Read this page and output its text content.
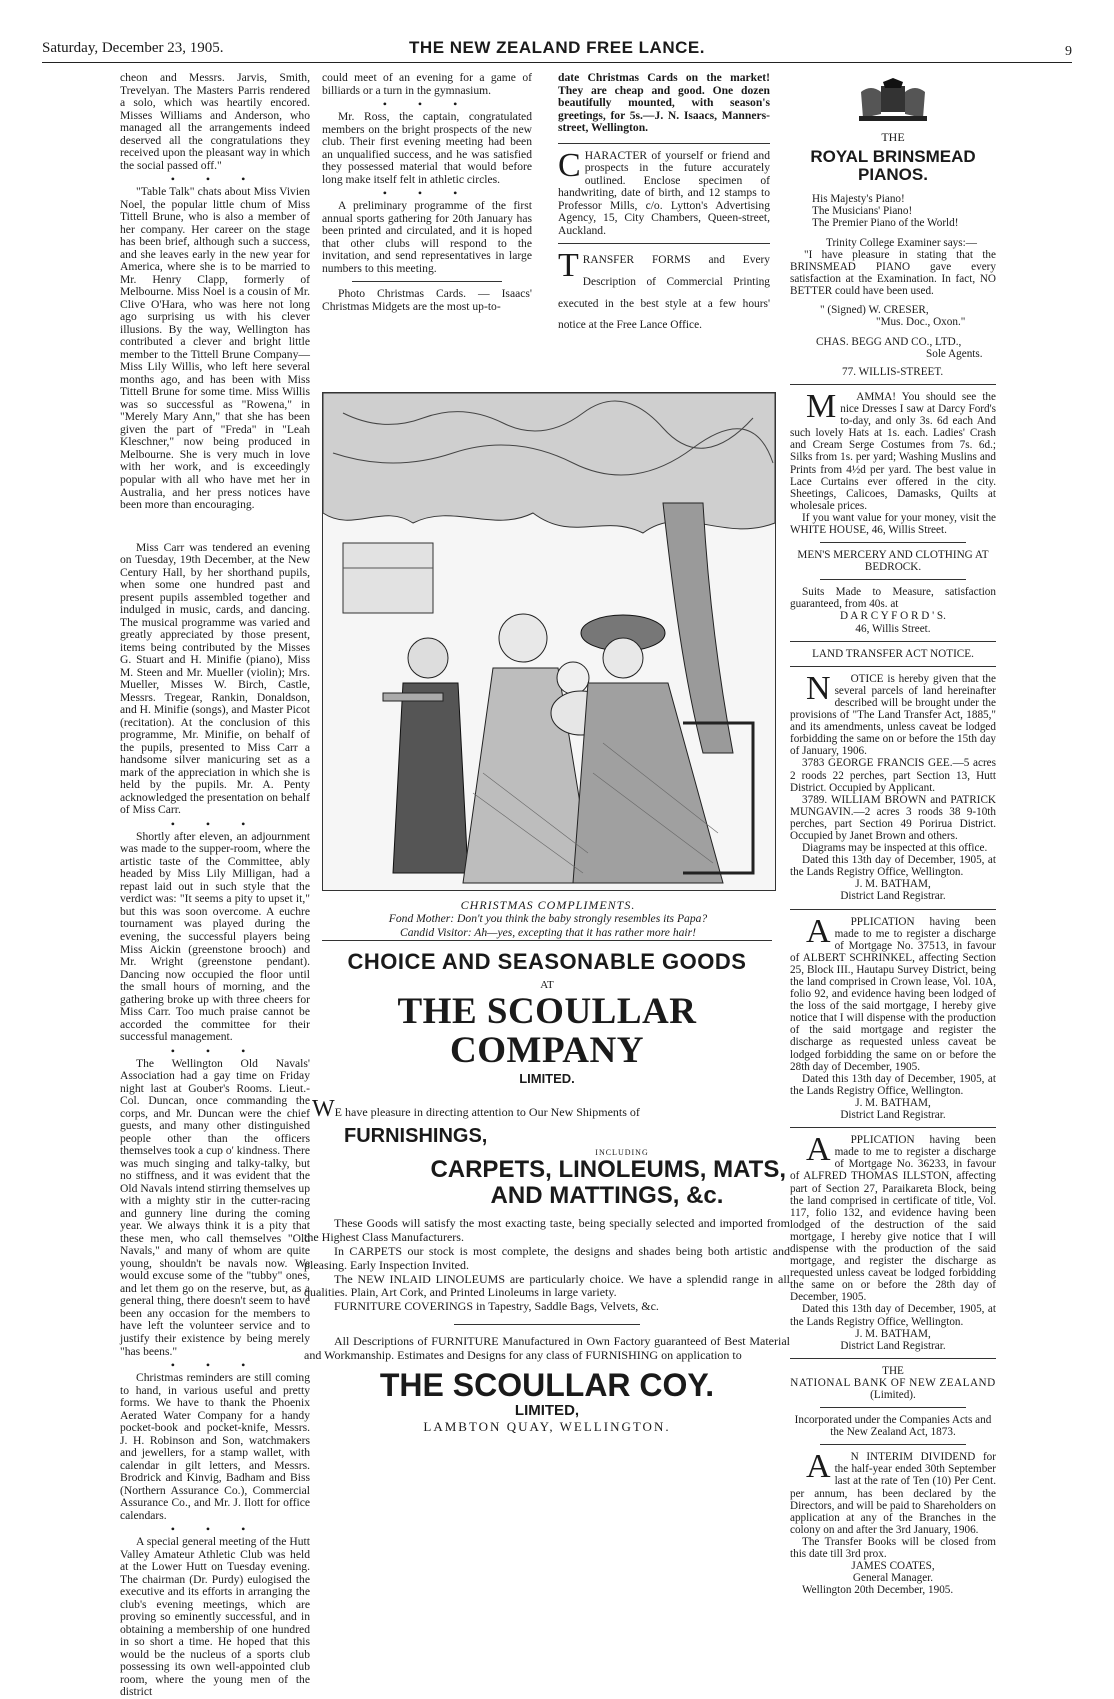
Saturday, December 23, 1905.	THE NEW ZEALAND FREE LANCE.	9

cheon and Messrs. Jarvis, Smith, Trevelyan. The Masters Parris rendered a solo, which was heartily encored. Misses Williams and Anderson, who managed all the arrangements indeed deserved all the congratulations they received upon the pleasant way in which the social passed off."

• • •

"Table Talk" chats about Miss Vivien Noel, the popular little chum of Miss Tittell Brune, who is also a member of her company. Her career on the stage has been brief, although such a success, and she leaves early in the new year for America, where she is to be married to Mr. Henry Clapp, formerly of Melbourne. Miss Noel is a cousin of Mr. Clive O'Hara, who was here not long ago surprising us with his clever illusions. By the way, Wellington has contributed a clever and bright little member to the Tittell Brune Company—Miss Lily Willis, who left here several months ago, and has been with Miss Tittell Brune for some time. Miss Willis was so successful as "Rowena," in "Merely Mary Ann," that she has been given the part of "Freda" in "Leah Kleschner," now being produced in Melbourne. She is very much in love with her work, and is exceedingly popular with all who have met her in Australia, and her press notices have been more than encouraging.

Miss Carr was tendered an evening on Tuesday, 19th December, at the New Century Hall, by her shorthand pupils, when some one hundred past and present pupils assembled together and indulged in music, cards, and dancing. The musical programme was varied and greatly appreciated by those present, items being contributed by the Misses G. Stuart and H. Minifie (piano), Miss M. Steen and Mr. Mueller (violin); Mrs. Mueller, Misses W. Birch, Castle, Messrs. Tregear, Rankin, Donaldson, and H. Minifie (songs), and Master Picot (recitation). At the conclusion of this programme, Mr. Minifie, on behalf of the pupils, presented to Miss Carr a handsome silver manicuring set as a mark of the appreciation in which she is held by the pupils. Mr. A. Penty acknowledged the presentation on behalf of Miss Carr.

• • •

Shortly after eleven, an adjournment was made to the supper-room, where the artistic taste of the Committee, ably headed by Miss Lily Milligan, had a repast laid out in such style that the verdict was: "It seems a pity to upset it," but this was soon overcome. A euchre tournament was played during the evening, the successful players being Miss Aickin (greenstone brooch) and Mr. Wright (greenstone pendant). Dancing now occupied the floor until the small hours of morning, and the gathering broke up with three cheers for Miss Carr. Too much praise cannot be accorded the committee for their successful management.

• • •

The Wellington Old Navals' Association had a gay time on Friday night last at Gouber's Rooms. Lieut.-Col. Duncan, once commanding the corps, and Mr. Duncan were the chief guests, and many other distinguished people other than the officers themselves took a cup o' kindness. There was much singing and talky-talky, but no stiffness, and it was evident that the Old Navals intend stirring themselves up with a mighty stir in the cutter-racing and gunnery line during the coming year. We always think it is a pity that these men, who call themselves "Old Navals," and many of whom are quite young, shouldn't be navals now. We would excuse some of the "tubby" ones, and let them go on the reserve, but, as a general thing, there doesn't seem to have been any occasion for the members to have left the volunteer service and to justify their existence by being merely "has beens."

• • •

Christmas reminders are still coming to hand, in various useful and pretty forms. We have to thank the Phoenix Aerated Water Company for a handy pocket-book and pocket-knife, Messrs. J. H. Robinson and Son, watchmakers and jewellers, for a stamp wallet, with calendar in gilt letters, and Messrs. Brodrick and Kinvig, Badham and Biss (Northern Assurance Co.), Commercial Assurance Co., and Mr. J. Ilott for office calendars.

• • •

A special general meeting of the Hutt Valley Amateur Athletic Club was held at the Lower Hutt on Tuesday evening. The chairman (Dr. Purdy) eulogised the executive and its efforts in arranging the club's evening meetings, which are proving so eminently successful, and in obtaining a membership of one hundred in so short a time. He hoped that this would be the nucleus of a sports club possessing its own well-appointed club room, where the young men of the district

could meet of an evening for a game of billiards or a turn in the gymnasium.

• • •

Mr. Ross, the captain, congratulated members on the bright prospects of the new club. Their first evening meeting had been an unqualified success, and he was satisfied they possessed material that would before long make itself felt in athletic circles.

• • •

A preliminary programme of the first annual sports gathering for 20th January has been printed and circulated, and it is hoped that other clubs will respond to the invitation, and send representatives in large numbers to this meeting.

Photo Christmas Cards. — Isaacs' Christmas Midgets are the most up-to-

date Christmas Cards on the market! They are cheap and good. One dozen beautifully mounted, with season's greetings, for 5s.—J. N. Isaacs, Manners-street, Wellington.

CHARACTER of yourself or friend and prospects in the future accurately outlined. Enclose specimen of handwriting, date of birth, and 12 stamps to Professor Mills, c/o. Lytton's Advertising Agency, 15, City Chambers, Queen-street, Auckland.

TRANSFER FORMS and Every Description of Commercial Printing executed in the best style at a few hours' notice at the Free Lance Office.

CHRISTMAS COMPLIMENTS.
Fond Mother: Don't you think the baby strongly resembles its Papa?
Candid Visitor: Ah—yes, excepting that it has rather more hair!
CHOICE AND SEASONABLE GOODS
AT
THE SCOULLAR COMPANY
LIMITED.
WE have pleasure in directing attention to Our New Shipments of
FURNISHINGS,
INCLUDING
CARPETS, LINOLEUMS, MATS,
AND MATTINGS, &c.

These Goods will satisfy the most exacting taste, being specially selected and imported from the Highest Class Manufacturers.

In CARPETS our stock is most complete, the designs and shades being both artistic and pleasing. Early Inspection Invited.

The NEW INLAID LINOLEUMS are particularly choice. We have a splendid range in all qualities. Plain, Art Cork, and Printed Linoleums in large variety.

FURNITURE COVERINGS in Tapestry, Saddle Bags, Velvets, &c.

All Descriptions of FURNITURE Manufactured in Own Factory guaranteed of Best Material and Workmanship. Estimates and Designs for any class of FURNISHING on application to

THE SCOULLAR COY.
LIMITED,
LAMBTON QUAY, WELLINGTON.
THE
ROYAL BRINSMEAD
PIANOS.

His Majesty's Piano!

The Musicians' Piano!

The Premier Piano of the World!

Trinity College Examiner says:—

"I have pleasure in stating that the BRINSMEAD PIANO gave every satisfaction at the Examination. In fact, NO BETTER could have been used.

" (Signed) W. CRESER,

"Mus. Doc., Oxon."

CHAS. BEGG AND CO., LTD.,

Sole Agents.

77. WILLIS-STREET.

M AMMA! You should see the nice Dresses I saw at Darcy Ford's to-day, and only 3s. 6d each And such lovely Hats at 1s. each. Ladies' Crash and Cream Serge Costumes from 7s. 6d.; Silks from 1s. per yard; Washing Muslins and Prints from 4½d per yard. The best value in Lace Curtains ever offered in the city. Sheetings, Calicoes, Damasks, Quilts at wholesale prices.

If you want value for your money, visit the WHITE HOUSE, 46, Willis Street.

MEN'S MERCERY AND CLOTHING AT BEDROCK.

Suits Made to Measure, satisfaction guaranteed, from 40s. at

D A R C Y F O R D ' S.

46, Willis Street.

LAND TRANSFER ACT NOTICE.

N OTICE is hereby given that the several parcels of land hereinafter described will be brought under the provisions of "The Land Transfer Act, 1885," and its amendments, unless caveat be lodged forbidding the same on or before the 15th day of January, 1906.

3783 GEORGE FRANCIS GEE.—5 acres 2 roods 22 perches, part Section 13, Hutt District. Occupied by Applicant.

3789. WILLIAM BROWN and PATRICK MUNGAVIN.—2 acres 3 roods 38 9-10th perches, part Section 49 Porirua District. Occupied by Janet Brown and others.

Diagrams may be inspected at this office.

Dated this 13th day of December, 1905, at the Lands Registry Office, Wellington.

J. M. BATHAM,

District Land Registrar.

A PPLICATION having been made to me to register a discharge of Mortgage No. 37513, in favour of ALBERT SCHRINKEL, affecting Section 25, Block III., Hautapu Survey District, being the land comprised in Crown lease, Vol. 10A, folio 92, and evidence having been lodged of the loss of the said mortgage, I hereby give notice that I will dispense with the production of the said mortgage and register the discharge as requested unless caveat be lodged forbidding the same on or before the 28th day of December, 1905.

Dated this 13th day of December, 1905, at the Lands Registry Office, Wellington.

J. M. BATHAM,

District Land Registrar.

A PPLICATION having been made to me to register a discharge of Mortgage No. 36233, in favour of ALFRED THOMAS ILLSTON, affecting part of Section 27, Paraikareta Block, being the land comprised in certificate of title, Vol. 117, folio 132, and evidence having been lodged of the destruction of the said mortgage, I hereby give notice that I will dispense with the production of the said mortgage, and register the discharge as requested unless caveat be lodged forbidding the same on or before the 28th day of December, 1905.

Dated this 13th day of December, 1905, at the Lands Registry Office, Wellington.

J. M. BATHAM,

District Land Registrar.

THE

NATIONAL BANK OF NEW ZEALAND

(Limited).

Incorporated under the Companies Acts and the New Zealand Act, 1873.

A N INTERIM DIVIDEND for the half-year ended 30th September last at the rate of Ten (10) Per Cent. per annum, has been declared by the Directors, and will be paid to Shareholders on application at any of the Branches in the colony on and after the 3rd January, 1906.

The Transfer Books will be closed from this date till 3rd prox.

JAMES COATES,

General Manager.

Wellington 20th December, 1905.
